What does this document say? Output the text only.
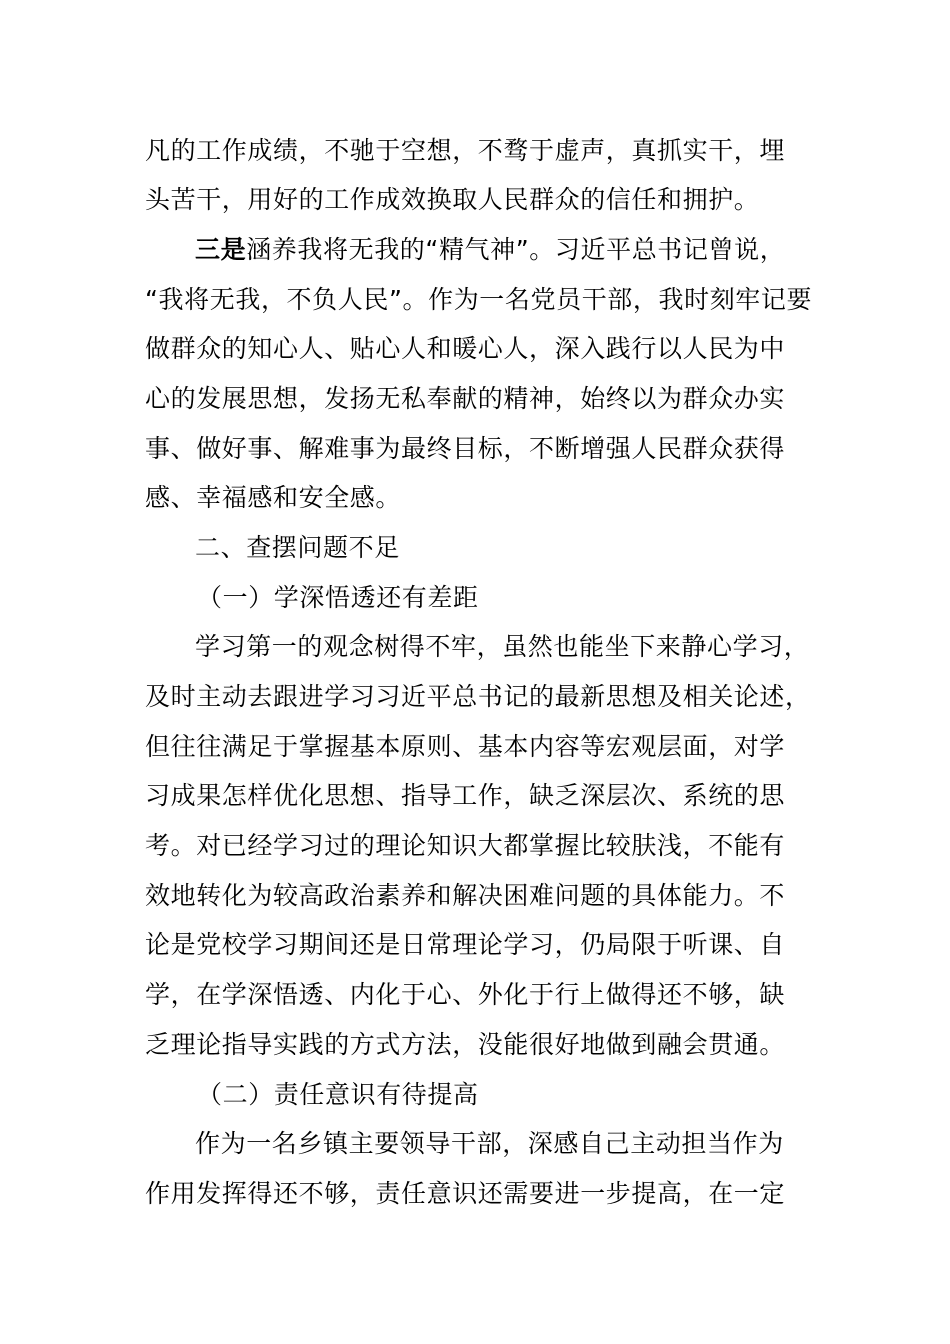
凡的工作成绩，不驰于空想，不骛于虚声，真抓实干，埋
头苦干，用好的工作成效换取人民群众的信任和拥护。
三是涵养我将无我的“精气神”。习近平总书记曾说，
“我将无我，不负人民”。作为一名党员干部，我时刻牢记要
做群众的知心人、贴心人和暖心人，深入践行以人民为中
心的发展思想，发扬无私奉献的精神，始终以为群众办实
事、做好事、解难事为最终目标，不断增强人民群众获得
感、幸福感和安全感。
二、查摆问题不足
（一）学深悟透还有差距
学习第一的观念树得不牢，虽然也能坐下来静心学习，
及时主动去跟进学习习近平总书记的最新思想及相关论述，
但往往满足于掌握基本原则、基本内容等宏观层面，对学
习成果怎样优化思想、指导工作，缺乏深层次、系统的思
考。对已经学习过的理论知识大都掌握比较肤浅，不能有
效地转化为较高政治素养和解决困难问题的具体能力。不
论是党校学习期间还是日常理论学习，仍局限于听课、自
学，在学深悟透、内化于心、外化于行上做得还不够，缺
乏理论指导实践的方式方法，没能很好地做到融会贯通。
（二）责任意识有待提高
作为一名乡镇主要领导干部，深感自己主动担当作为
作用发挥得还不够，责任意识还需要进一步提高，在一定
